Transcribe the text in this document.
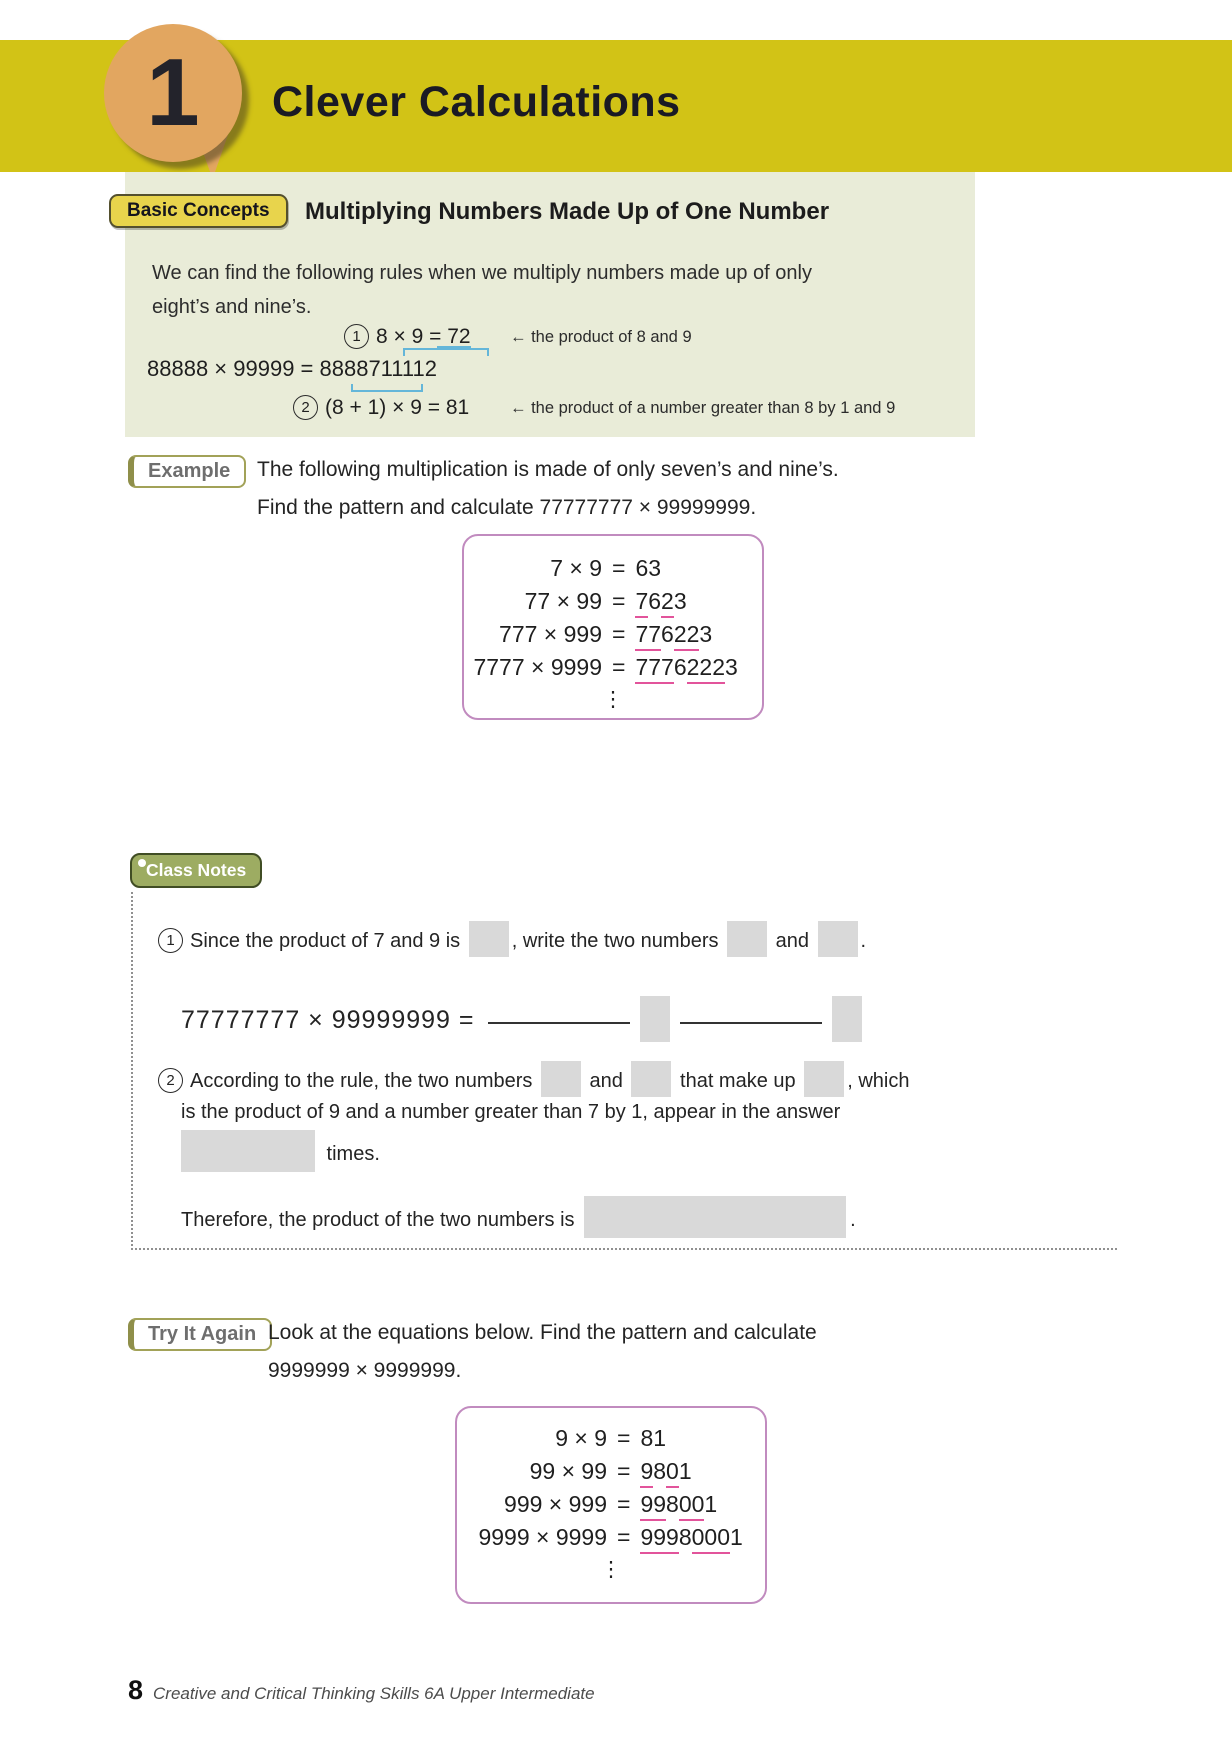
1	Clever Calculations
Basic Concepts	Multiplying Numbers Made Up of One Number
We can find the following rules when we multiply numbers made up of only
eight’s and nine’s.
1 8 × 9 = 72 ← the product of 8 and 9
88888 × 99999 = 8888711112
2 (8 + 1) × 9 = 81 ← the product of a number greater than 8 by 1 and 9
Example	The following multiplication is made of only seven’s and nine’s.
Find the pattern and calculate 77777777 × 99999999.
7 × 9 = 63
77 × 99 = 7623
777 × 999 = 776223
7777 × 9999 = 77762223
⋮
Class Notes
1 Since the product of 7 and 9 is , write the two numbers  and .
77777777 × 99999999 =
2 According to the rule, the two numbers  and  that make up , which
is the product of 9 and a number greater than 7 by 1, appear in the answer
times.
Therefore, the product of the two numbers is	.
Try It Again Look at the equations below. Find the pattern and calculate
9999999 × 9999999.
9 × 9 = 81
99 × 99 = 9801
999 × 999 = 998001
9999 × 9999 = 99980001
⋮
8 Creative and Critical Thinking Skills 6A Upper Intermediate
